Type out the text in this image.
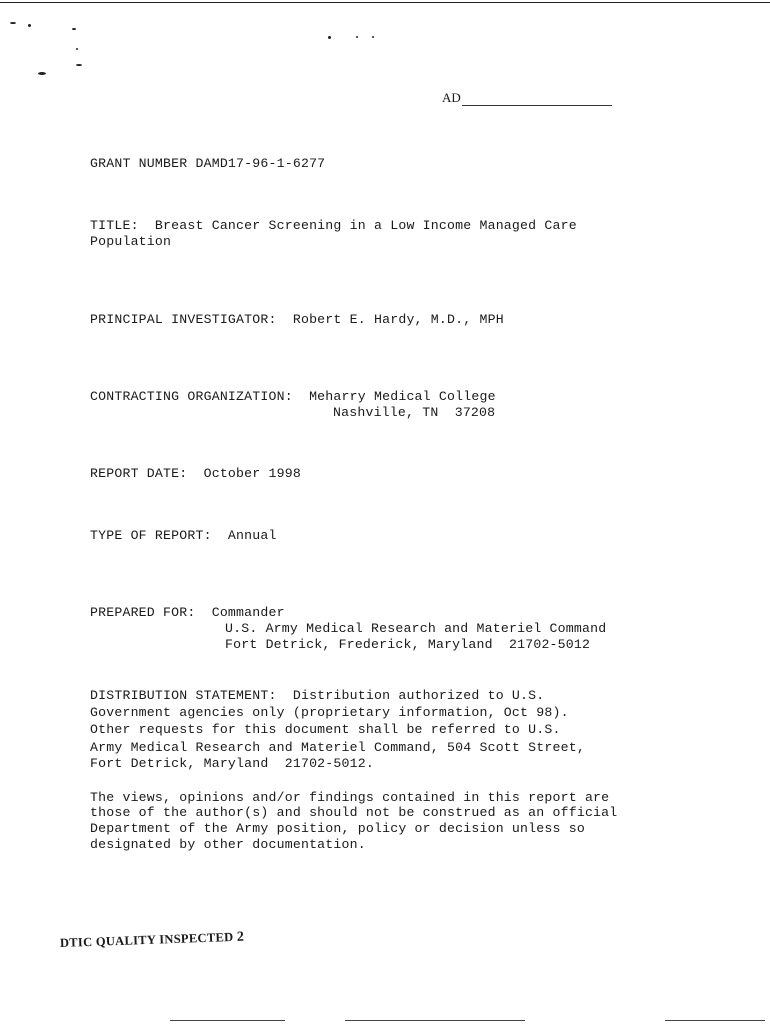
AD
GRANT NUMBER DAMD17-96-1-6277
TITLE:  Breast Cancer Screening in a Low Income Managed Care
Population
PRINCIPAL INVESTIGATOR:  Robert E. Hardy, M.D., MPH
CONTRACTING ORGANIZATION:  Meharry Medical College
Nashville, TN  37208
REPORT DATE:  October 1998
TYPE OF REPORT:  Annual
PREPARED FOR:  Commander
U.S. Army Medical Research and Materiel Command
Fort Detrick, Frederick, Maryland  21702-5012
DISTRIBUTION STATEMENT:  Distribution authorized to U.S.
Government agencies only (proprietary information, Oct 98).
Other requests for this document shall be referred to U.S.
Army Medical Research and Materiel Command, 504 Scott Street,
Fort Detrick, Maryland  21702-5012.
The views, opinions and/or findings contained in this report are
those of the author(s) and should not be construed as an official
Department of the Army position, policy or decision unless so
designated by other documentation.
DTIC QUALITY INSPECTED 2
